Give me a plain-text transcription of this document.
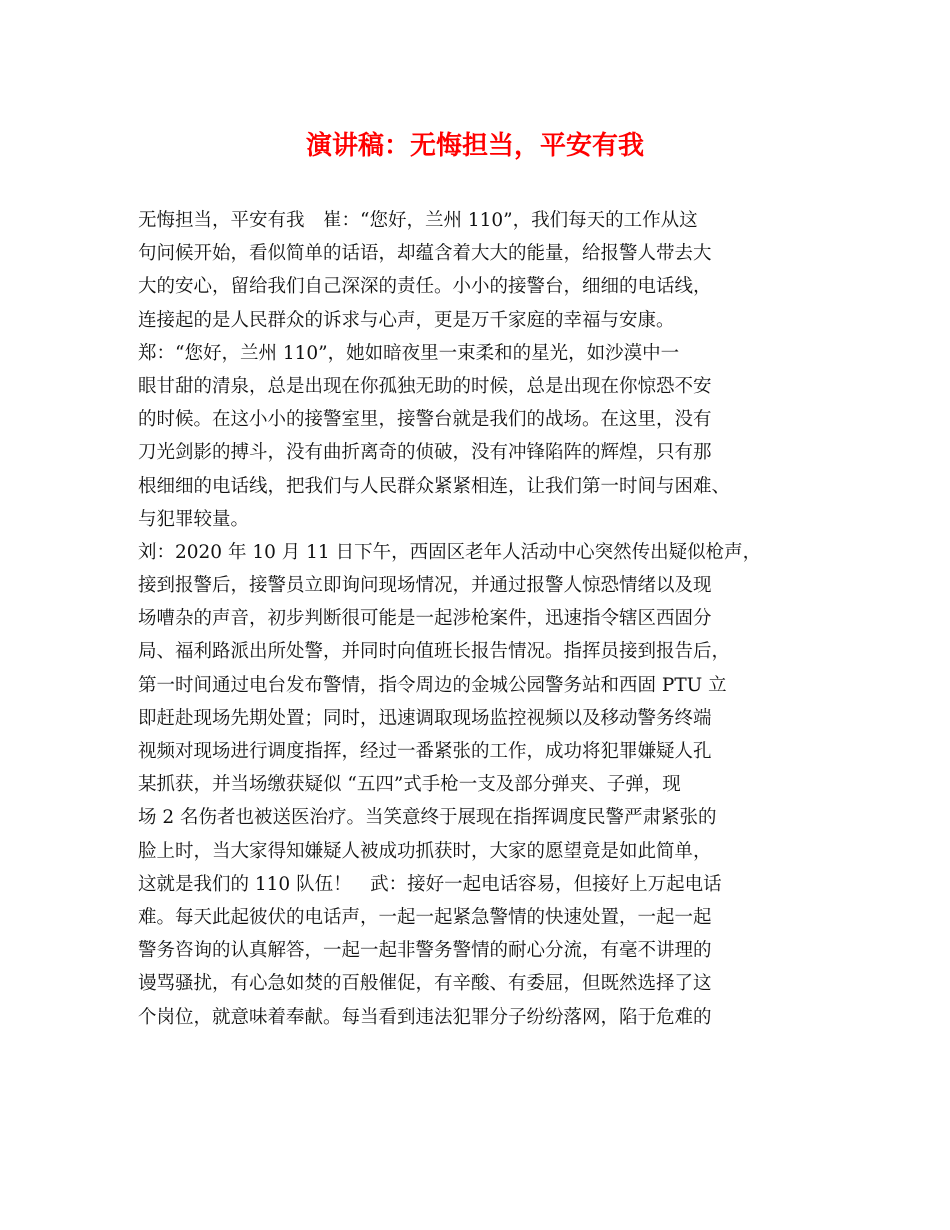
演讲稿：无悔担当，平安有我
无悔担当，平安有我　崔：“您好，兰州 110”，我们每天的工作从这
句问候开始，看似简单的话语，却蕴含着大大的能量，给报警人带去大
大的安心，留给我们自己深深的责任。小小的接警台，细细的电话线，
连接起的是人民群众的诉求与心声，更是万千家庭的幸福与安康。
郑：“您好，兰州 110”，她如暗夜里一束柔和的星光，如沙漠中一
眼甘甜的清泉，总是出现在你孤独无助的时候，总是出现在你惊恐不安
的时候。在这小小的接警室里，接警台就是我们的战场。在这里，没有
刀光剑影的搏斗，没有曲折离奇的侦破，没有冲锋陷阵的辉煌，只有那
根细细的电话线，把我们与人民群众紧紧相连，让我们第一时间与困难、
与犯罪较量。
刘：2020 年 10 月 11 日下午，西固区老年人活动中心突然传出疑似枪声，
接到报警后，接警员立即询问现场情况，并通过报警人惊恐情绪以及现
场嘈杂的声音，初步判断很可能是一起涉枪案件，迅速指令辖区西固分
局、福利路派出所处警，并同时向值班长报告情况。指挥员接到报告后，
第一时间通过电台发布警情，指令周边的金城公园警务站和西固 PTU 立
即赶赴现场先期处置；同时，迅速调取现场监控视频以及移动警务终端
视频对现场进行调度指挥，经过一番紧张的工作，成功将犯罪嫌疑人孔
某抓获，并当场缴获疑似 “五四”式手枪一支及部分弹夹、子弹，现
场 2 名伤者也被送医治疗。当笑意终于展现在指挥调度民警严肃紧张的
脸上时，当大家得知嫌疑人被成功抓获时，大家的愿望竟是如此简单，
这就是我们的 110 队伍！　武：接好一起电话容易，但接好上万起电话
难。每天此起彼伏的电话声，一起一起紧急警情的快速处置，一起一起
警务咨询的认真解答，一起一起非警务警情的耐心分流，有毫不讲理的
谩骂骚扰，有心急如焚的百般催促，有辛酸、有委屈，但既然选择了这
个岗位，就意味着奉献。每当看到违法犯罪分子纷纷落网，陷于危难的
